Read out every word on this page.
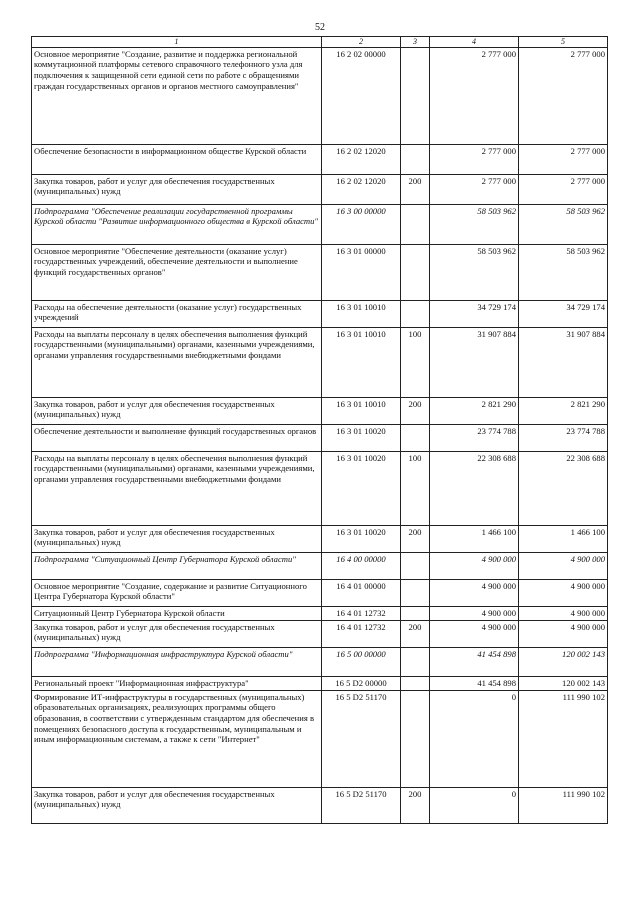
52
1	2	3	4	5
Основное мероприятие "Создание, развитие и поддержка региональной коммутационной платформы сетевого справочного телефонного узла для подключения к защищенной сети единой сети по работе с обращениями граждан государственных органов и органов местного самоуправления"	16 2 02 00000		2 777 000	2 777 000
Обеспечение безопасности в информационном обществе Курской области	16 2 02 12020		2 777 000	2 777 000
Закупка товаров, работ и услуг для обеспечения государственных (муниципальных) нужд	16 2 02 12020	200	2 777 000	2 777 000
Подпрограмма "Обеспечение реализации государственной программы Курской области "Развитие информационного общества в Курской области"	16 3 00 00000		58 503 962	58 503 962
Основное мероприятие "Обеспечение деятельности (оказание услуг) государственных учреждений, обеспечение деятельности и выполнение функций государственных органов"	16 3 01 00000		58 503 962	58 503 962
Расходы на обеспечение деятельности (оказание услуг) государственных учреждений	16 3 01 10010		34 729 174	34 729 174
Расходы на выплаты персоналу в целях обеспечения выполнения функций государственными (муниципальными) органами, казенными учреждениями, органами управления государственными внебюджетными фондами	16 3 01 10010	100	31 907 884	31 907 884
Закупка товаров, работ и услуг для обеспечения государственных (муниципальных) нужд	16 3 01 10010	200	2 821 290	2 821 290
Обеспечение деятельности и выполнение функций государственных органов	16 3 01 10020		23 774 788	23 774 788
Расходы на выплаты персоналу в целях обеспечения выполнения функций государственными (муниципальными) органами, казенными учреждениями, органами управления государственными внебюджетными фондами	16 3 01 10020	100	22 308 688	22 308 688
Закупка товаров, работ и услуг для обеспечения государственных (муниципальных) нужд	16 3 01 10020	200	1 466 100	1 466 100
Подпрограмма "Ситуационный Центр Губернатора Курской области"	16 4 00 00000		4 900 000	4 900 000
Основное мероприятие "Создание, содержание и развитие Ситуационного Центра Губернатора Курской области"	16 4 01 00000		4 900 000	4 900 000
Ситуационный Центр Губернатора Курской области	16 4 01 12732		4 900 000	4 900 000
Закупка товаров, работ и услуг для обеспечения государственных (муниципальных) нужд	16 4 01 12732	200	4 900 000	4 900 000
Подпрограмма "Информационная инфраструктура Курской области"	16 5 00 00000		41 454 898	120 002 143
Региональный проект "Информационная инфраструктура"	16 5 D2 00000		41 454 898	120 002 143
Формирование ИТ-инфраструктуры в государственных (муниципальных) образовательных организациях, реализующих программы общего образования, в соответствии с утвержденным стандартом для обеспечения в помещениях безопасного доступа к государственным, муниципальным и иным информационным системам, а также к сети "Интернет"	16 5 D2 51170		0	111 990 102
Закупка товаров, работ и услуг для обеспечения государственных (муниципальных) нужд	16 5 D2 51170	200	0	111 990 102
